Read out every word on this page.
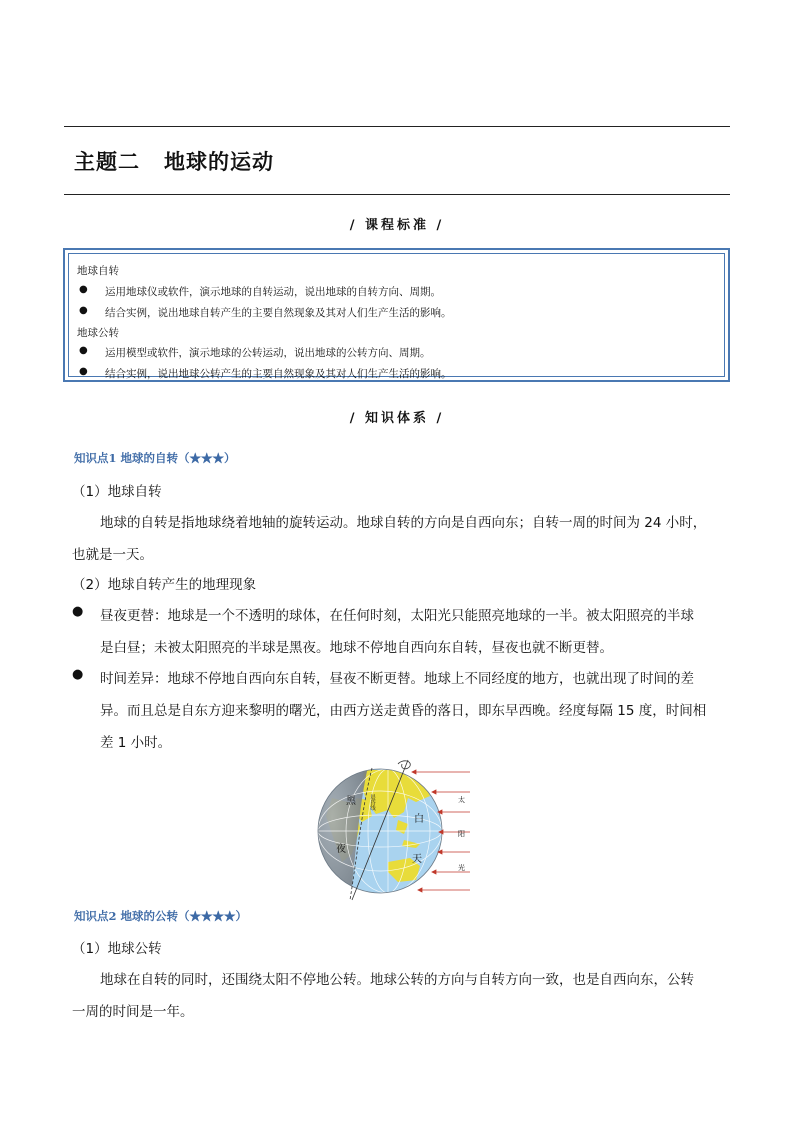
主题二 地球的运动
/ 课程标准 /
地球自转
● 运用地球仪或软件，演示地球的自转运动，说出地球的自转方向、周期。
● 结合实例，说出地球自转产生的主要自然现象及其对人们生产生活的影响。
地球公转
● 运用模型或软件，演示地球的公转运动，说出地球的公转方向、周期。
● 结合实例，说出地球公转产生的主要自然现象及其对人们生产生活的影响。
/ 知识体系 /
知识点1 地球的自转（★★★）
（1）地球自转
地球的自转是指地球绕着地轴的旋转运动。地球自转的方向是自西向东；自转一周的时间为 24 小时，
也就是一天。
（2）地球自转产生的地理现象
● 昼夜更替：地球是一个不透明的球体，在任何时刻，太阳光只能照亮地球的一半。被太阳照亮的半球
是白昼；未被太阳照亮的半球是黑夜。地球不停地自西向东自转，昼夜也就不断更替。
● 时间差异：地球不停地自西向东自转，昼夜不断更替。地球上不同经度的地方，也就出现了时间的差
异。而且总是自东方迎来黎明的曙光，由西方送走黄昏的落日，即东早西晚。经度每隔 15 度，时间相
差 1 小时。
晨昏线
黑
夜
白
天
太
阳
光
知识点2 地球的公转（★★★★）
（1）地球公转
地球在自转的同时，还围绕太阳不停地公转。地球公转的方向与自转方向一致，也是自西向东，公转
一周的时间是一年。
